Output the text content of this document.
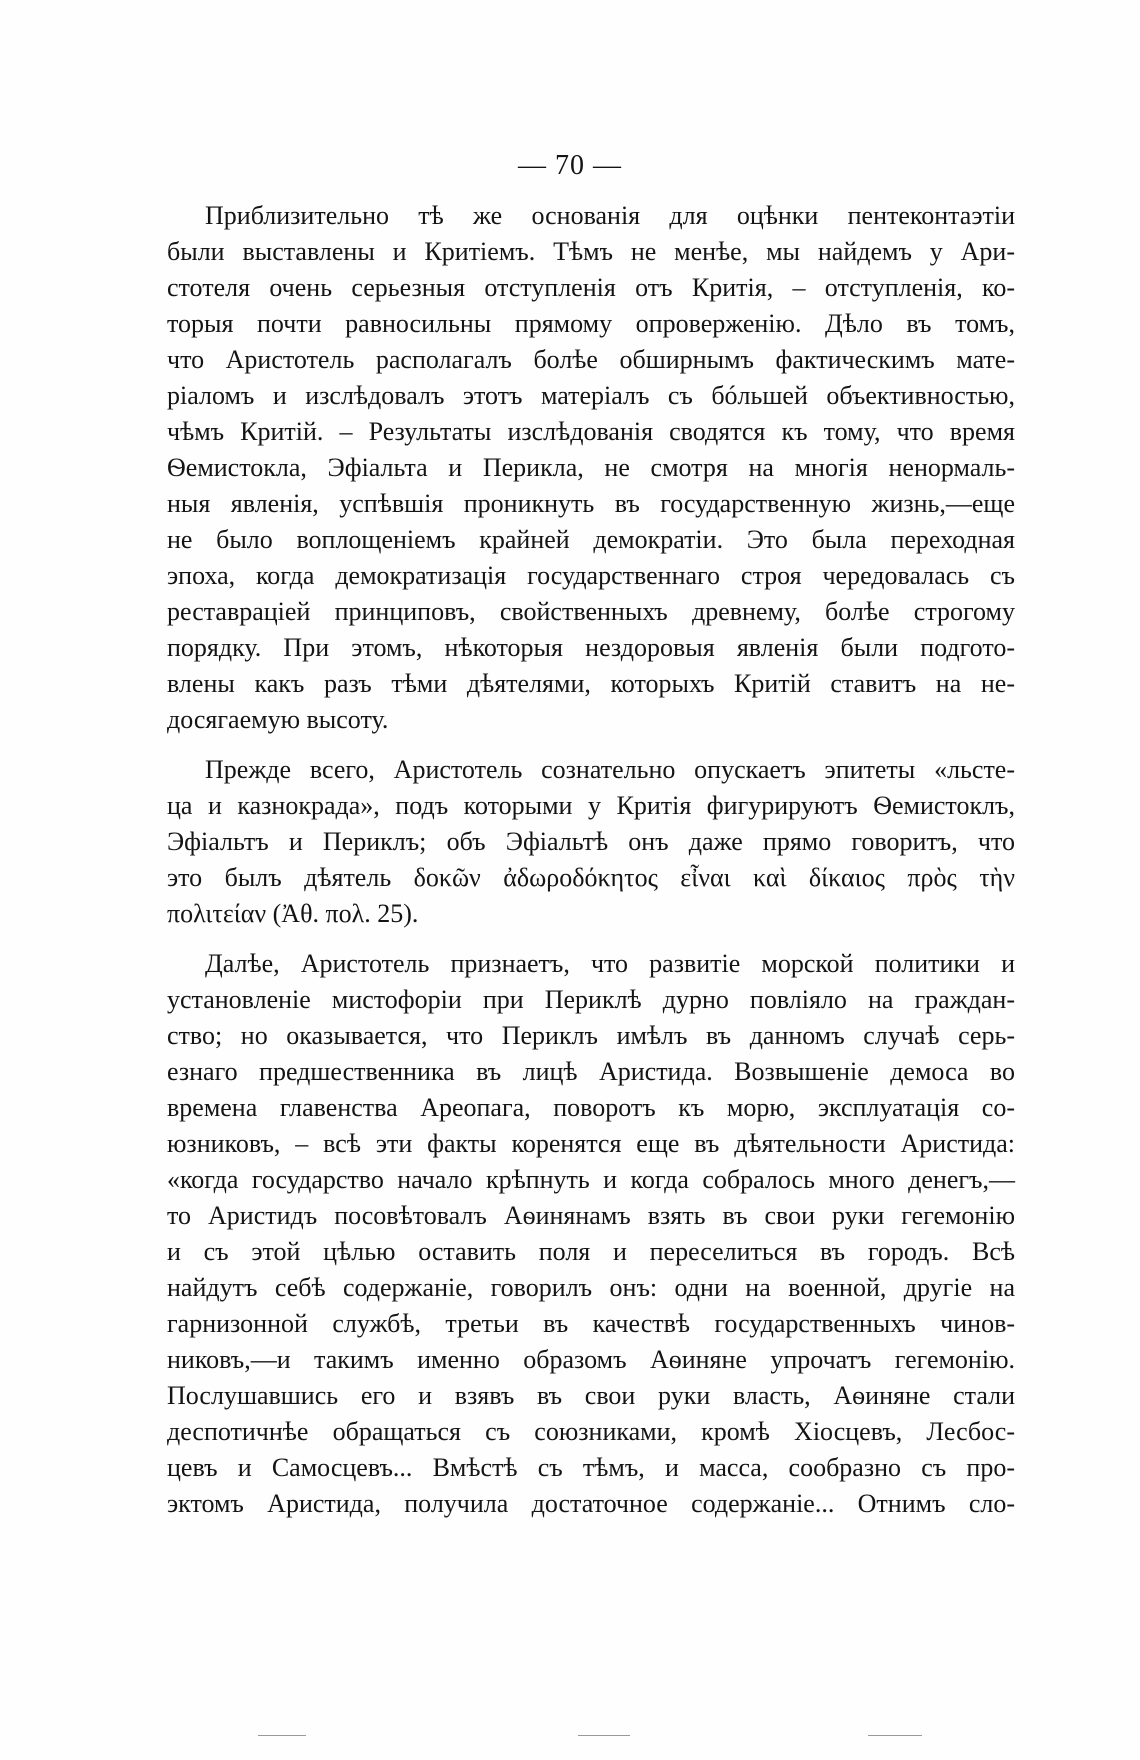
— 70 —

Приблизительно тѣ же основанія для оцѣнки пентеконтаэтіи
были выставлены и Критіемъ. Тѣмъ не менѣе, мы найдемъ у Ари-
стотеля очень серьезныя отступленія отъ Критія, – отступленія, ко-
торыя почти равносильны прямому опроверженію. Дѣло въ томъ,
что Аристотель располагалъ болѣе обширнымъ фактическимъ мате-
ріаломъ и изслѣдовалъ этотъ матеріалъ съ бóльшей объективностью,
чѣмъ Критій. – Результаты изслѣдованія сводятся къ тому, что время
Ѳемистокла, Эфіальта и Перикла, не смотря на многія ненормаль-
ныя явленія, успѣвшія проникнуть въ государственную жизнь,—еще
не было воплощеніемъ крайней демократіи. Это была переходная
эпоха, когда демократизація государственнаго строя чередовалась съ
реставраціей принциповъ, свойственныхъ древнему, болѣе строгому
порядку. При этомъ, нѣкоторыя нездоровыя явленія были подгото-
влены какъ разъ тѣми дѣятелями, которыхъ Критій ставитъ на не-
досягаемую высоту.

Прежде всего, Аристотель сознательно опускаетъ эпитеты «льсте-
ца и казнокрада», подъ которыми у Критія фигурируютъ Ѳемистоклъ,
Эфіальтъ и Периклъ; объ Эфіальтѣ онъ даже прямо говоритъ, что
это былъ дѣятель δοκῶν ἀδωροδόκητος εἶναι καὶ δίκαιος πρὸς τὴν
πολιτείαν (Ἀθ. πολ. 25).

Далѣе, Аристотель признаетъ, что развитіе морской политики и
установленіе мистофоріи при Периклѣ дурно повліяло на граждан-
ство; но оказывается, что Периклъ имѣлъ въ данномъ случаѣ серь-
езнаго предшественника въ лицѣ Аристида. Возвышеніе демоса во
времена главенства Ареопага, поворотъ къ морю, эксплуатація со-
юзниковъ, – всѣ эти факты коренятся еще въ дѣятельности Аристида:
«когда государство начало крѣпнуть и когда собралось много денегъ,—
то Аристидъ посовѣтовалъ Аѳинянамъ взять въ свои руки гегемонію
и съ этой цѣлью оставить поля и переселиться въ городъ. Всѣ
найдутъ себѣ содержаніе, говорилъ онъ: одни на военной, другіе на
гарнизонной службѣ, третьи въ качествѣ государственныхъ чинов-
никовъ,—и такимъ именно образомъ Аѳиняне упрочатъ гегемонію.
Послушавшись его и взявъ въ свои руки власть, Аѳиняне стали
деспотичнѣе обращаться съ союзниками, кромѣ Хіосцевъ, Лесбос-
цевъ и Самосцевъ... Вмѣстѣ съ тѣмъ, и масса, сообразно съ про-
эктомъ Аристида, получила достаточное содержаніе... Отнимъ сло-
